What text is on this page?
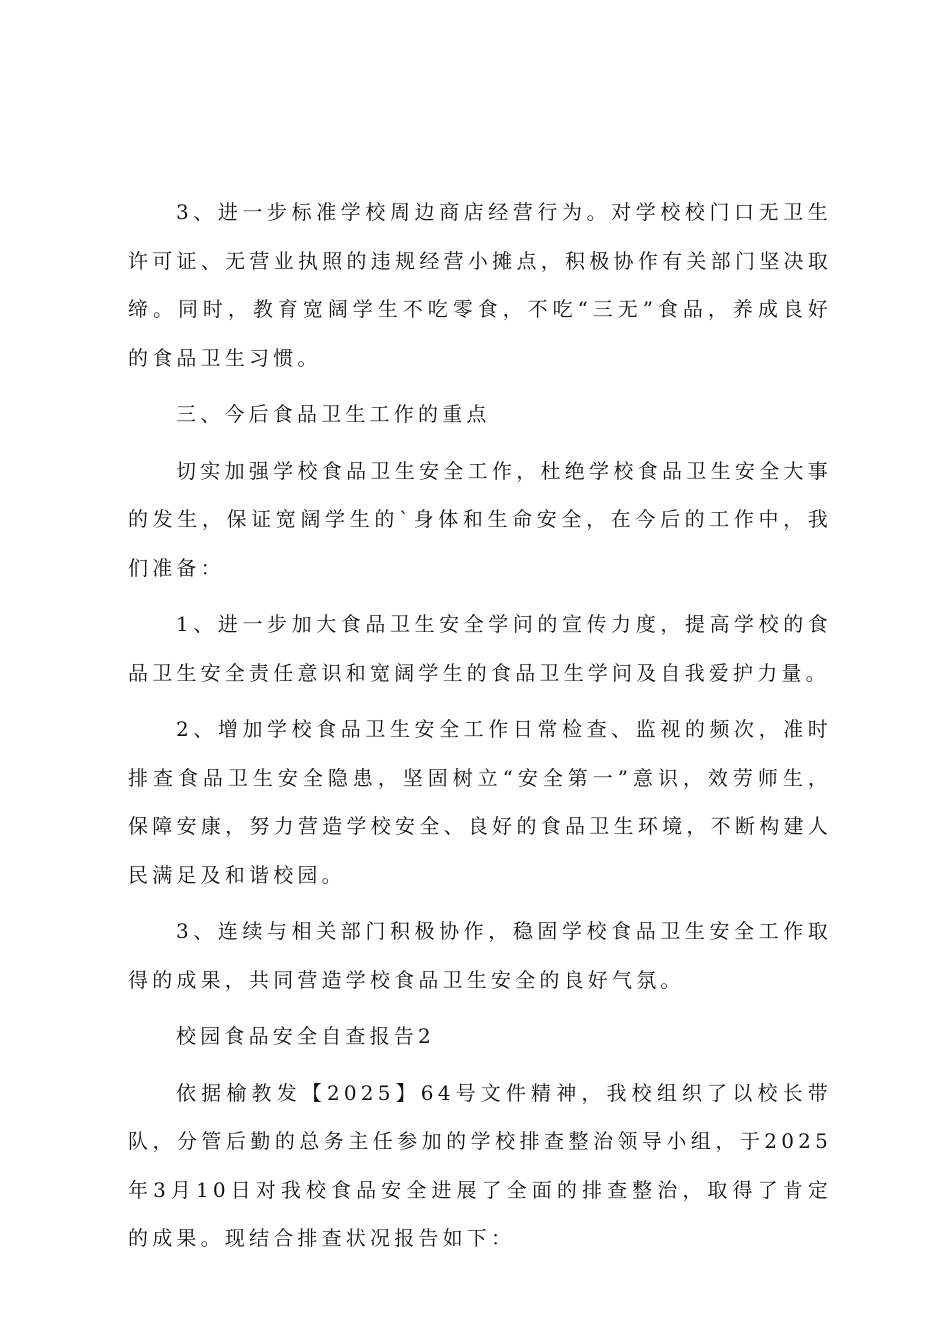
3、进一步标准学校周边商店经营行为。对学校校门口无卫生许可证、无营业执照的违规经营小摊点，积极协作有关部门坚决取缔。同时，教育宽阔学生不吃零食，不吃“三无”食品，养成良好的食品卫生习惯。

三、今后食品卫生工作的重点

切实加强学校食品卫生安全工作，杜绝学校食品卫生安全大事的发生，保证宽阔学生的`身体和生命安全，在今后的工作中，我们准备：

1、进一步加大食品卫生安全学问的宣传力度，提高学校的食品卫生安全责任意识和宽阔学生的食品卫生学问及自我爱护力量。

2、增加学校食品卫生安全工作日常检查、监视的频次，准时排查食品卫生安全隐患，坚固树立“安全第一”意识，效劳师生，保障安康，努力营造学校安全、良好的食品卫生环境，不断构建人民满足及和谐校园。

3、连续与相关部门积极协作，稳固学校食品卫生安全工作取得的成果，共同营造学校食品卫生安全的良好气氛。

校园食品安全自查报告2

依据榆教发【2025】64号文件精神，我校组织了以校长带队，分管后勤的总务主任参加的学校排查整治领导小组，于2025年3月10日对我校食品安全进展了全面的排查整治，取得了肯定的成果。现结合排查状况报告如下：
